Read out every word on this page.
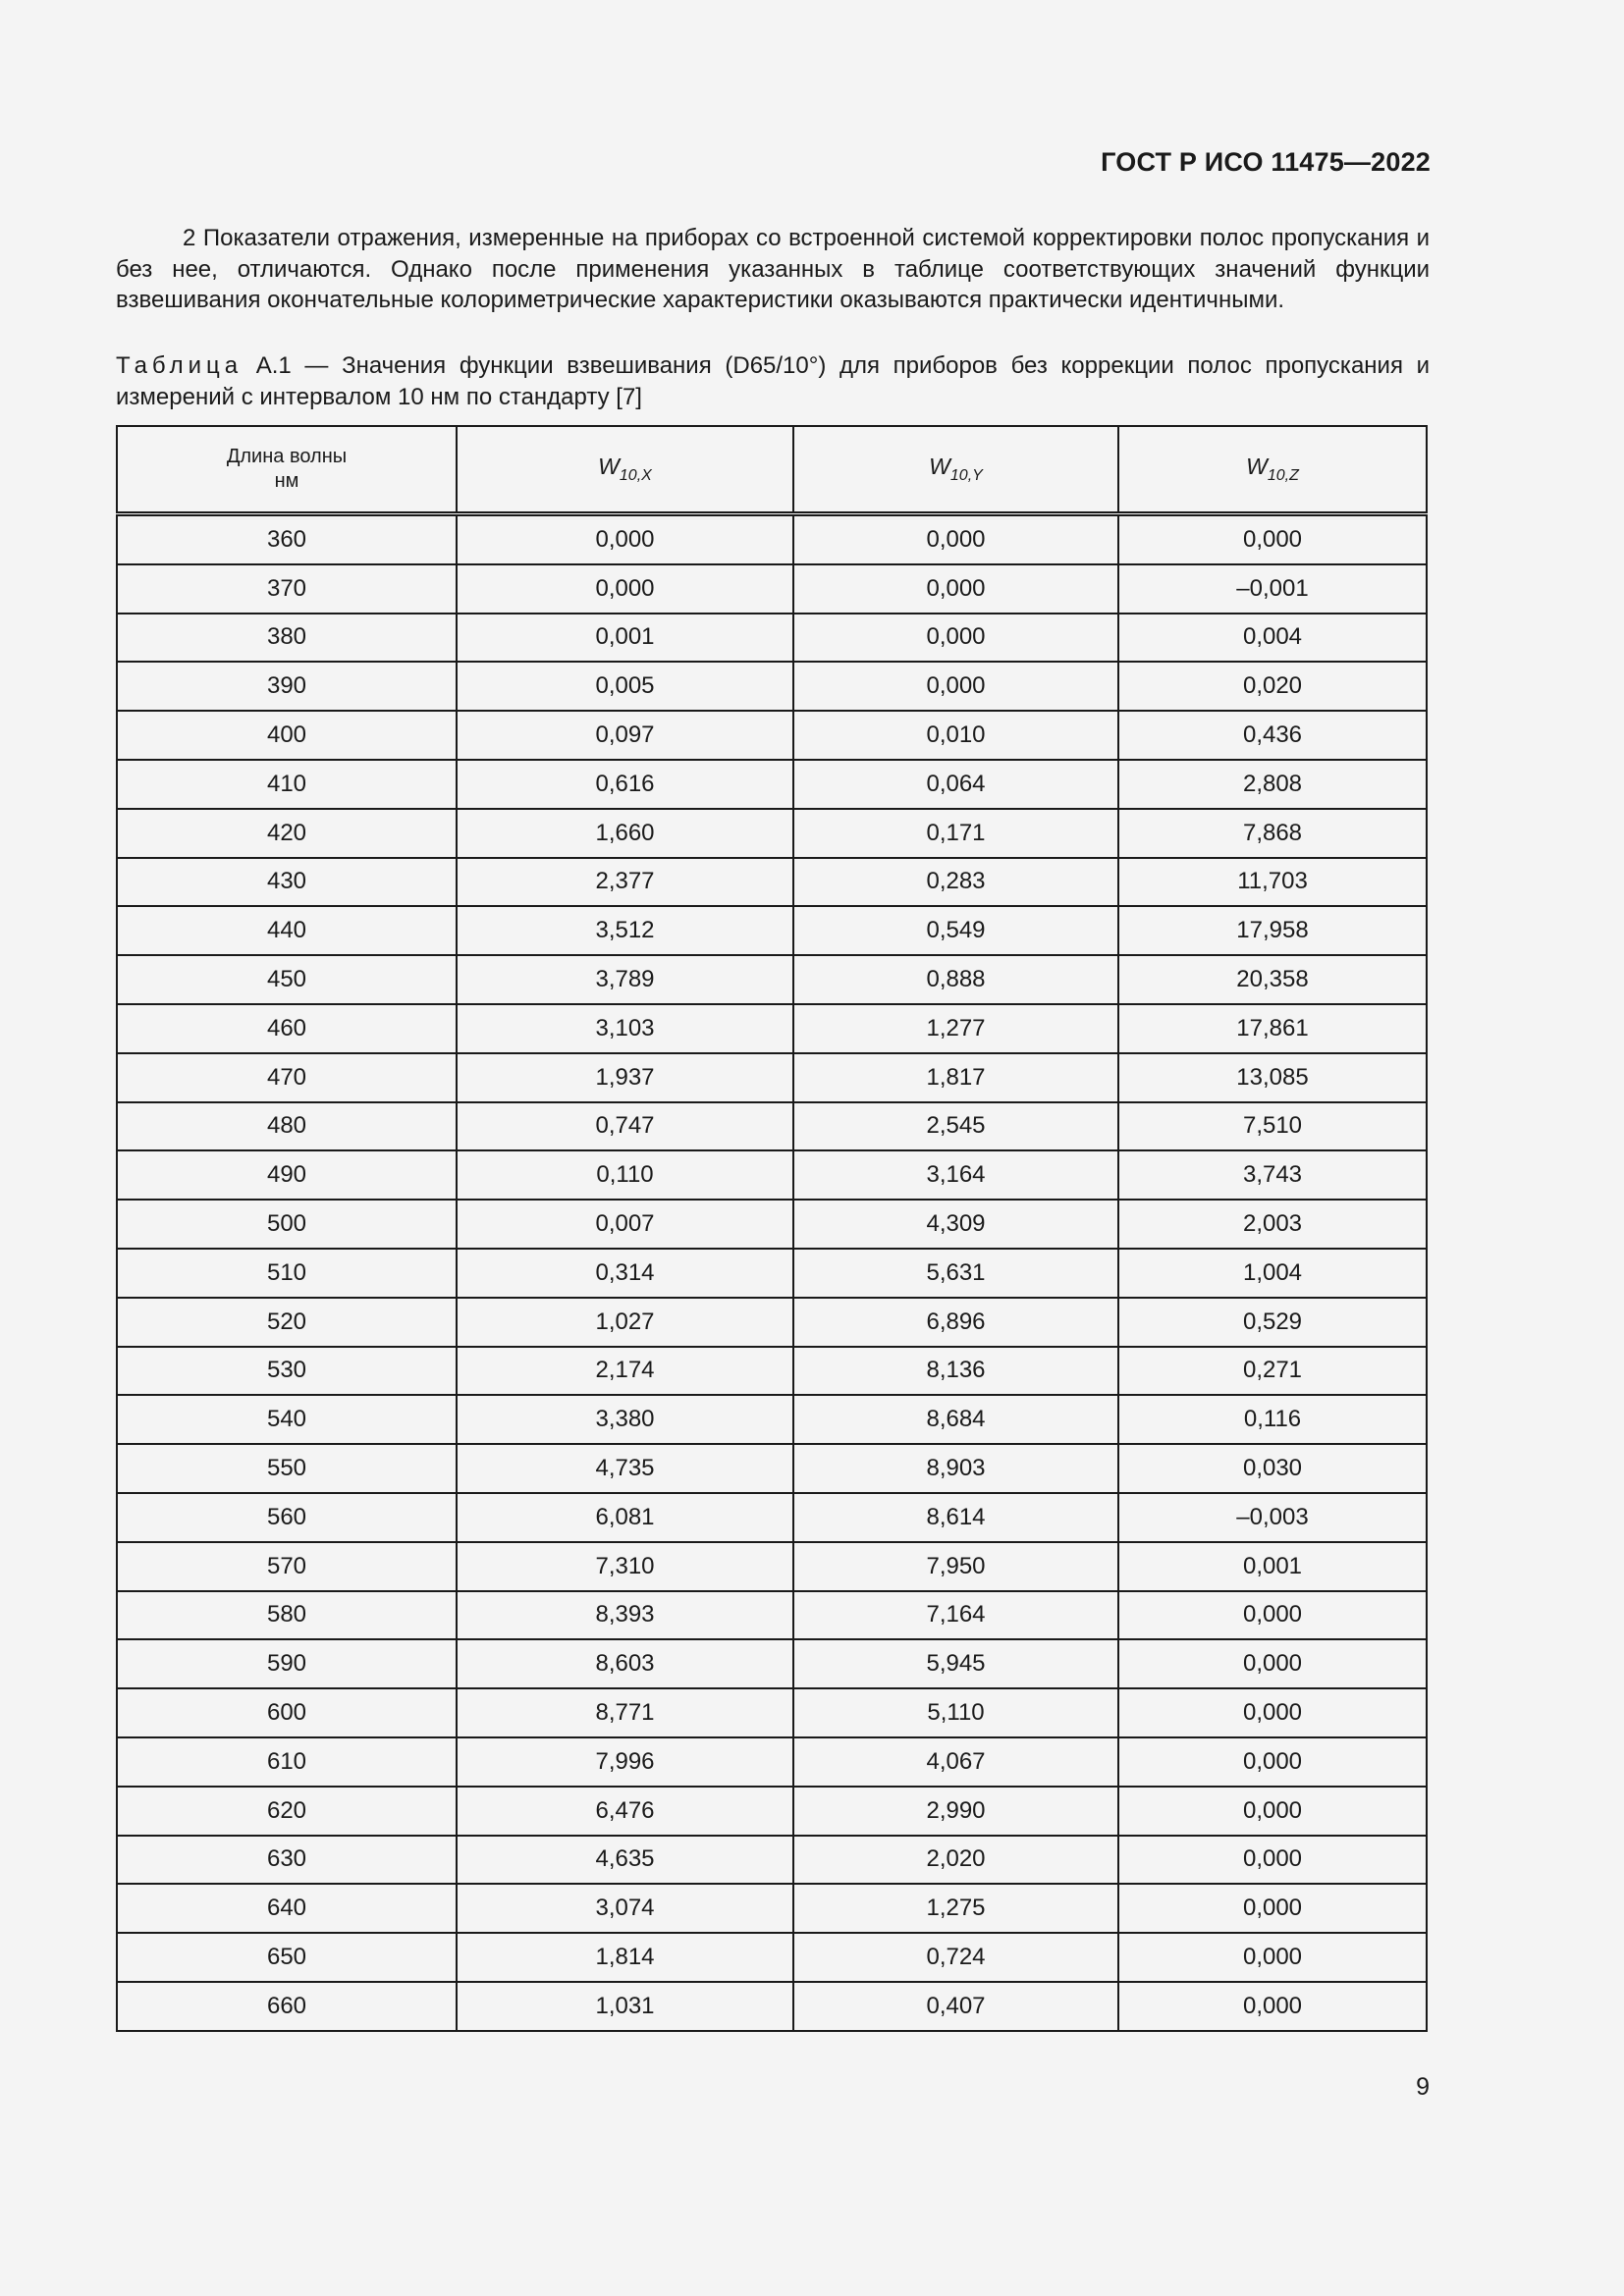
ГОСТ Р ИСО 11475—2022
2 Показатели отражения, измеренные на приборах со встроенной системой корректировки полос пропускания и без нее, отличаются. Однако после применения указанных в таблице соответствующих значений функции взвешивания окончательные колориметрические характеристики оказываются практически идентичными.
Таблица А.1 — Значения функции взвешивания (D65/10°) для приборов без коррекции полос пропускания и измерений с интервалом 10 нм по стандарту [7]
Длина волны
нм	$W_{10,X}$	$W_{10,Y}$	$W_{10,Z}$
360	0,000	0,000	0,000
370	0,000	0,000	–0,001
380	0,001	0,000	0,004
390	0,005	0,000	0,020
400	0,097	0,010	0,436
410	0,616	0,064	2,808
420	1,660	0,171	7,868
430	2,377	0,283	11,703
440	3,512	0,549	17,958
450	3,789	0,888	20,358
460	3,103	1,277	17,861
470	1,937	1,817	13,085
480	0,747	2,545	7,510
490	0,110	3,164	3,743
500	0,007	4,309	2,003
510	0,314	5,631	1,004
520	1,027	6,896	0,529
530	2,174	8,136	0,271
540	3,380	8,684	0,116
550	4,735	8,903	0,030
560	6,081	8,614	–0,003
570	7,310	7,950	0,001
580	8,393	7,164	0,000
590	8,603	5,945	0,000
600	8,771	5,110	0,000
610	7,996	4,067	0,000
620	6,476	2,990	0,000
630	4,635	2,020	0,000
640	3,074	1,275	0,000
650	1,814	0,724	0,000
660	1,031	0,407	0,000
9
